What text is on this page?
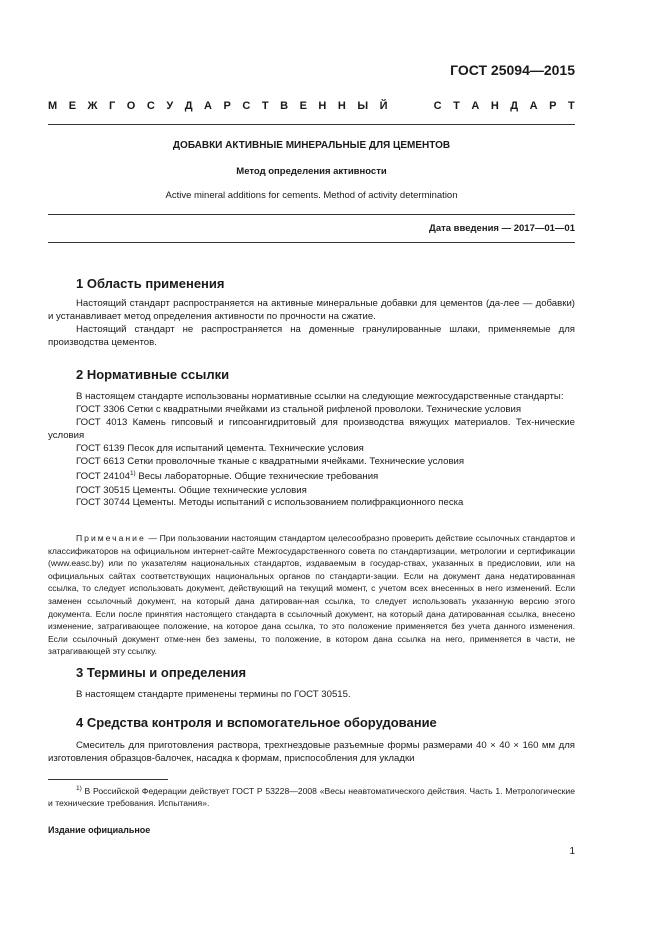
ГОСТ 25094—2015
М Е Ж Г О С У Д А Р С Т В Е Н Н Ы Й	С Т А Н Д А Р Т
ДОБАВКИ АКТИВНЫЕ МИНЕРАЛЬНЫЕ ДЛЯ ЦЕМЕНТОВ
Метод определения активности
Active mineral additions for cements. Method of activity determination
Дата введения — 2017—01—01
1 Область применения
Настоящий стандарт распространяется на активные минеральные добавки для цементов (да-лее — добавки) и устанавливает метод определения активности по прочности на сжатие.
Настоящий стандарт не распространяется на доменные гранулированные шлаки, применяемые для производства цементов.
2 Нормативные ссылки
В настоящем стандарте использованы нормативные ссылки на следующие межгосударственные стандарты:
ГОСТ 3306 Сетки с квадратными ячейками из стальной рифленой проволоки. Технические условия
ГОСТ 4013 Камень гипсовый и гипсоангидритовый для производства вяжущих материалов. Тех-нические условия
ГОСТ 6139 Песок для испытаний цемента. Технические условия
ГОСТ 6613 Сетки проволочные тканые с квадратными ячейками. Технические условия
ГОСТ 24104$^{1)}$ Весы лабораторные. Общие технические требования
ГОСТ 30515 Цементы. Общие технические условия
ГОСТ 30744 Цементы. Методы испытаний с использованием полифракционного песка
Примечание — При пользовании настоящим стандартом целесообразно проверить действие ссылочных стандартов и классификаторов на официальном интернет-сайте Межгосударственного совета по стандартизации, метрологии и сертификации (www.easc.by) или по указателям национальных стандартов, издаваемым в государ-ствах, указанных в предисловии, или на официальных сайтах соответствующих национальных органов по стандарти-зации. Если на документ дана недатированная ссылка, то следует использовать документ, действующий на текущий момент, с учетом всех внесенных в него изменений. Если заменен ссылочный документ, на который дана датирован-ная ссылка, то следует использовать указанную версию этого документа. Если после принятия настоящего стандарта в ссылочный документ, на который дана датированная ссылка, внесено изменение, затрагивающее положение, на которое дана ссылка, то это положение применяется без учета данного изменения. Если ссылочный документ отме-нен без замены, то положение, в котором дана ссылка на него, применяется в части, не затрагивающей эту ссылку.
3 Термины и определения
В настоящем стандарте применены термины по ГОСТ 30515.
4 Средства контроля и вспомогательное оборудование
Смеситель для приготовления раствора, трехгнездовые разъемные формы размерами 40 × 40 × 160 мм для изготовления образцов-балочек, насадка к формам, приспособления для укладки
$^{1)}$ В Российской Федерации действует ГОСТ Р 53228—2008 «Весы неавтоматического действия. Часть 1. Метрологические и технические требования. Испытания».
Издание официальное
1
